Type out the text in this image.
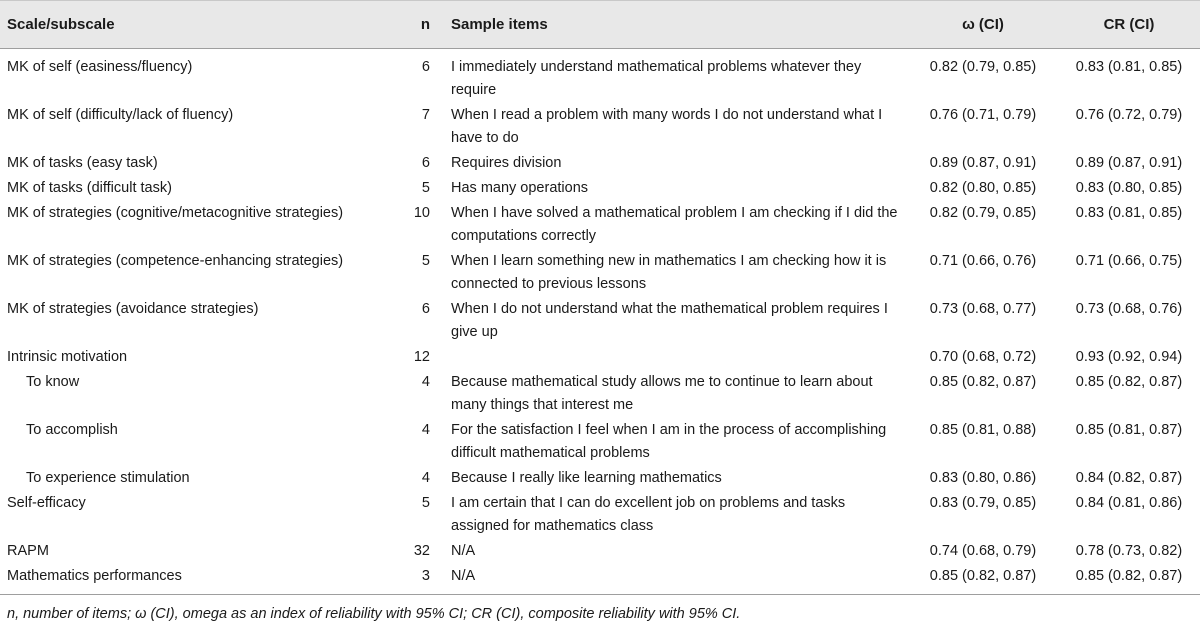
Scale/subscale	n	Sample items	ω (CI)	CR (CI)
MK of self (easiness/fluency)	6	I immediately understand mathematical problems whatever they require	0.82 (0.79, 0.85)	0.83 (0.81, 0.85)
MK of self (difficulty/lack of fluency)	7	When I read a problem with many words I do not understand what I have to do	0.76 (0.71, 0.79)	0.76 (0.72, 0.79)
MK of tasks (easy task)	6	Requires division	0.89 (0.87, 0.91)	0.89 (0.87, 0.91)
MK of tasks (difficult task)	5	Has many operations	0.82 (0.80, 0.85)	0.83 (0.80, 0.85)
MK of strategies (cognitive/metacognitive strategies)	10	When I have solved a mathematical problem I am checking if I did the computations correctly	0.82 (0.79, 0.85)	0.83 (0.81, 0.85)
MK of strategies (competence-enhancing strategies)	5	When I learn something new in mathematics I am checking how it is connected to previous lessons	0.71 (0.66, 0.76)	0.71 (0.66, 0.75)
MK of strategies (avoidance strategies)	6	When I do not understand what the mathematical problem requires I give up	0.73 (0.68, 0.77)	0.73 (0.68, 0.76)
Intrinsic motivation	12		0.70 (0.68, 0.72)	0.93 (0.92, 0.94)
To know	4	Because mathematical study allows me to continue to learn about many things that interest me	0.85 (0.82, 0.87)	0.85 (0.82, 0.87)
To accomplish	4	For the satisfaction I feel when I am in the process of accomplishing difficult mathematical problems	0.85 (0.81, 0.88)	0.85 (0.81, 0.87)
To experience stimulation	4	Because I really like learning mathematics	0.83 (0.80, 0.86)	0.84 (0.82, 0.87)
Self-efficacy	5	I am certain that I can do excellent job on problems and tasks assigned for mathematics class	0.83 (0.79, 0.85)	0.84 (0.81, 0.86)
RAPM	32	N/A	0.74 (0.68, 0.79)	0.78 (0.73, 0.82)
Mathematics performances	3	N/A	0.85 (0.82, 0.87)	0.85 (0.82, 0.87)
n, number of items; ω (CI), omega as an index of reliability with 95% CI; CR (CI), composite reliability with 95% CI.
